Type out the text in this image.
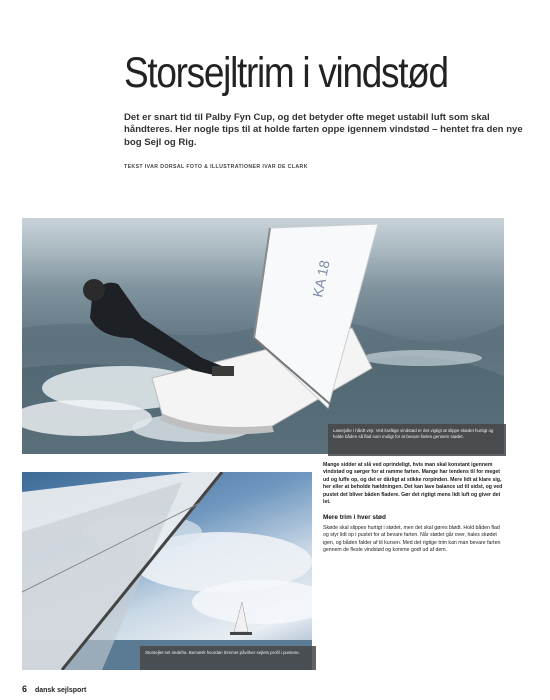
Storsejltrim i vindstød
Det er snart tid til Palby Fyn Cup, og det betyder ofte meget ustabil luft som skal håndteres. Her nogle tips til at holde farten oppe igennem vindstød – hentet fra den nye bog Sejl og Rig.
TEKST IVAR DORSAL FOTO & ILLUSTRATIONER IVAR DE CLARK
KA 18
Laserjolle i hårdt vejr. Ved kraftige vindstød er det vigtigt at slippe skødet hurtigt og holde båden så flad som muligt for at bevare farten gennem stødet.
Storsejlet set nedefra. Bemærk hvordan trimmet påvirker sejlets profil i pustene.

Mange sidder at slå ved oprindeligt, hvis man skal konstant igennem vindstød og sørger for at ramme farten. Mange har tendens til for meget ud og luffe op, og det er dårligt at stikke rorpinden. Mere lidt at klare sig, her eller at beholde hældningen. Det kan lave balance ud til sidst, og ved pustet det bliver båden fladere. Gør det rigtigt mens lidt luft og giver det let.

Mere trim i hver stød

Skøde skal slippes hurtigt i stødet, men det skal gøres blødt. Hold båden flad og styr lidt op i pustet for at bevare farten. Når stødet går over, hales skødet igen, og båden falder af til kursen. Med det rigtige trim kan man bevare farten gennem de fleste vindstød og komme godt ud af dem.

6 dansk sejlsport
